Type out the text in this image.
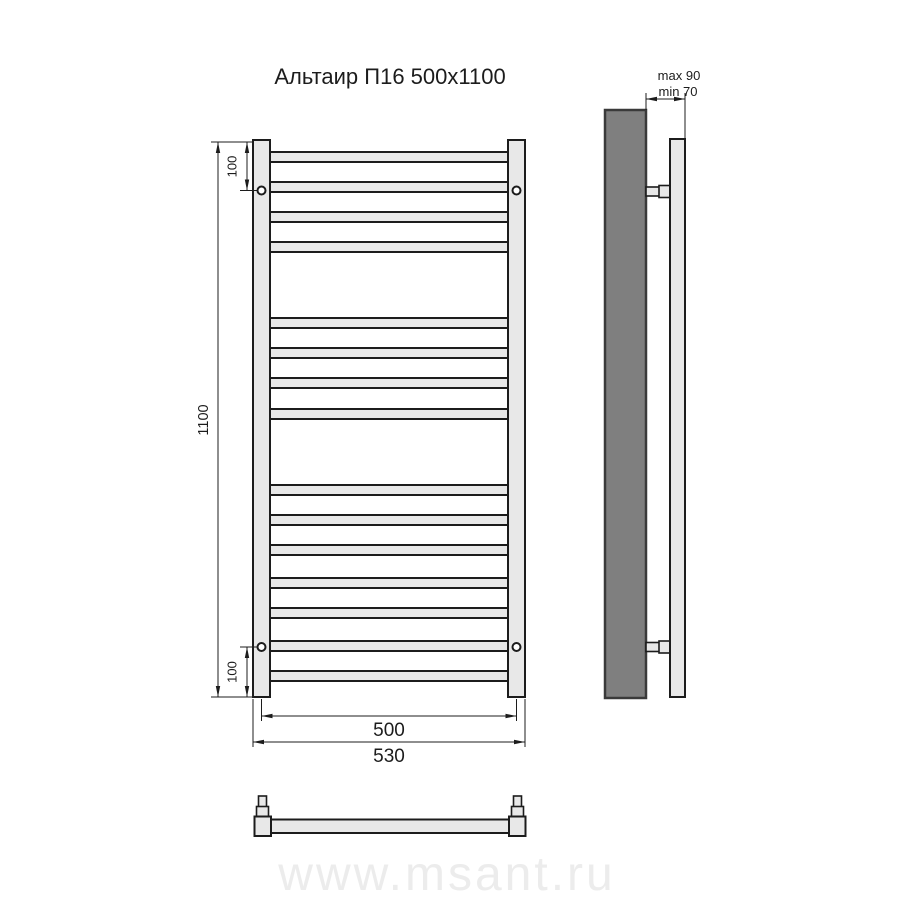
Альтаир П16 500х1100
1100
100
100
500
530
max 90
min 70
www.msant.ru
